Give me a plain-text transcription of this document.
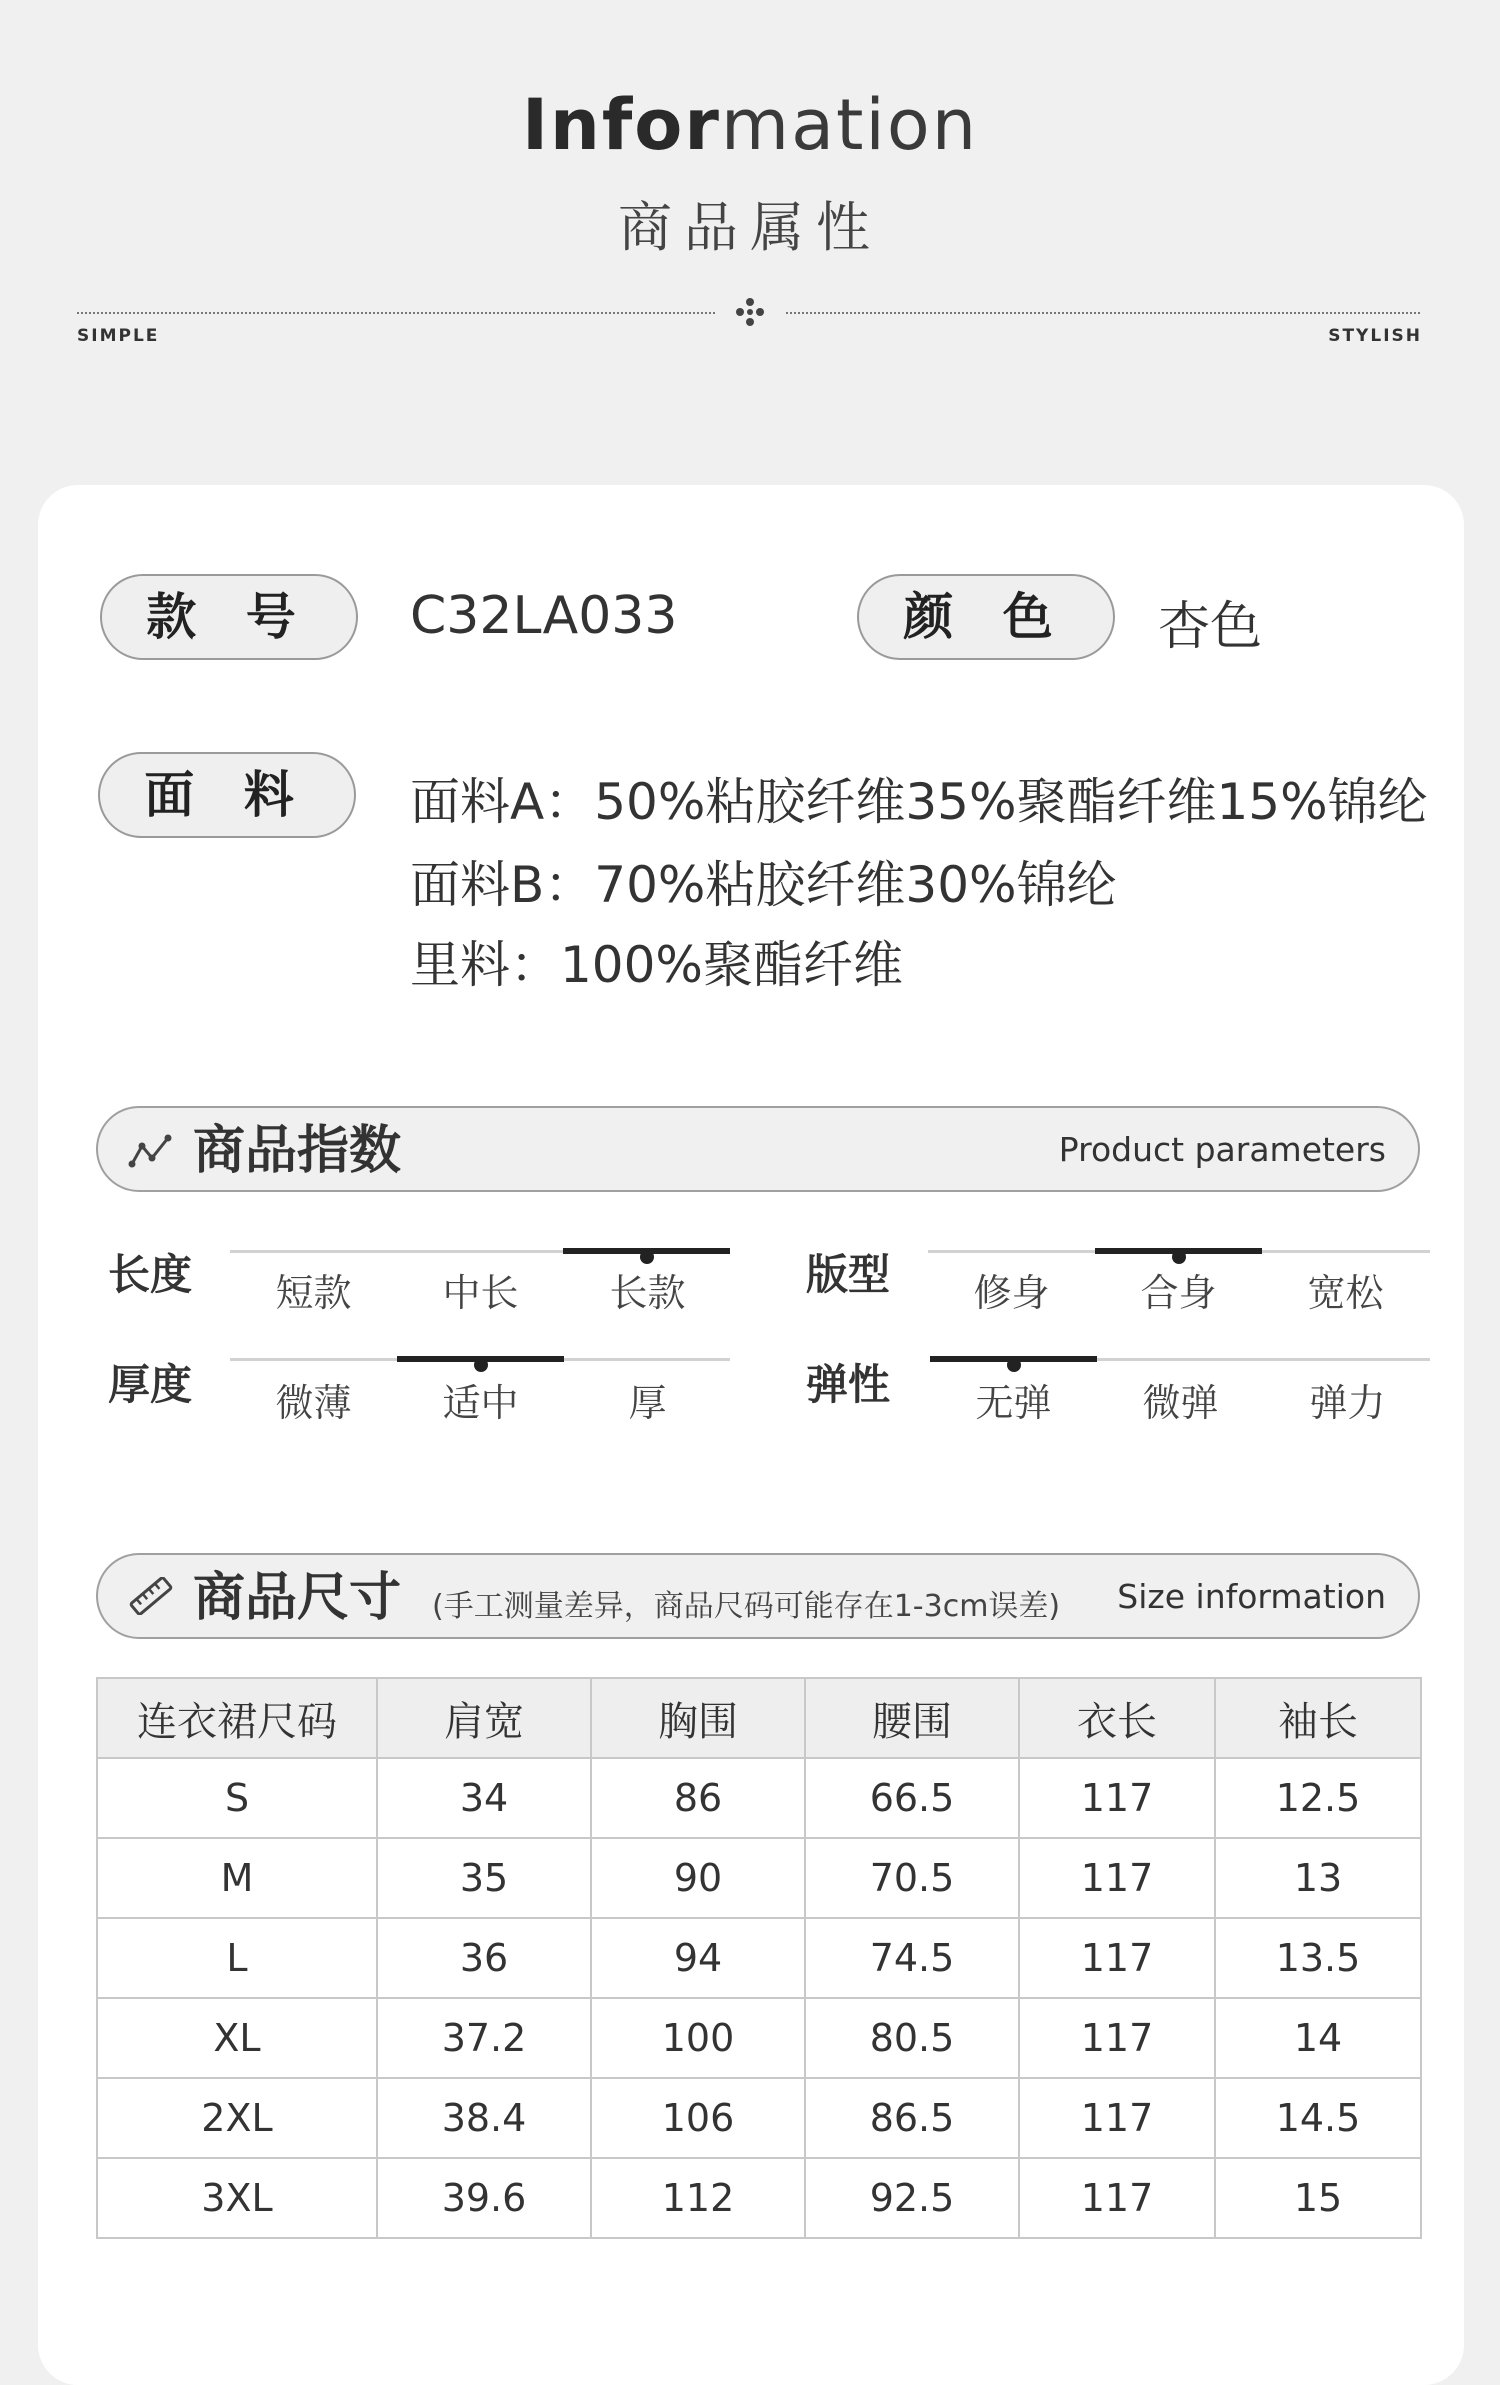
Information
商品属性
SIMPLE	STYLISH
款 号	C32LA033	颜 色	杏色
面 料	面料A：50%粘胶纤维35%聚酯纤维15%锦纶
面料B：70%粘胶纤维30%锦纶
里料：100%聚酯纤维
商品指数	Product parameters
长度	短款	中长	长款	版型	修身	合身	宽松
厚度	微薄	适中	厚	弹性	无弹	微弹	弹力
商品尺寸 (手工测量差异，商品尺码可能存在1-3cm误差) Size information
连衣裙尺码	肩宽	胸围	腰围	衣长	袖长
S	34	86	66.5	117	12.5
M	35	90	70.5	117	13
L	36	94	74.5	117	13.5
XL	37.2	100	80.5	117	14
2XL	38.4	106	86.5	117	14.5
3XL	39.6	112	92.5	117	15
